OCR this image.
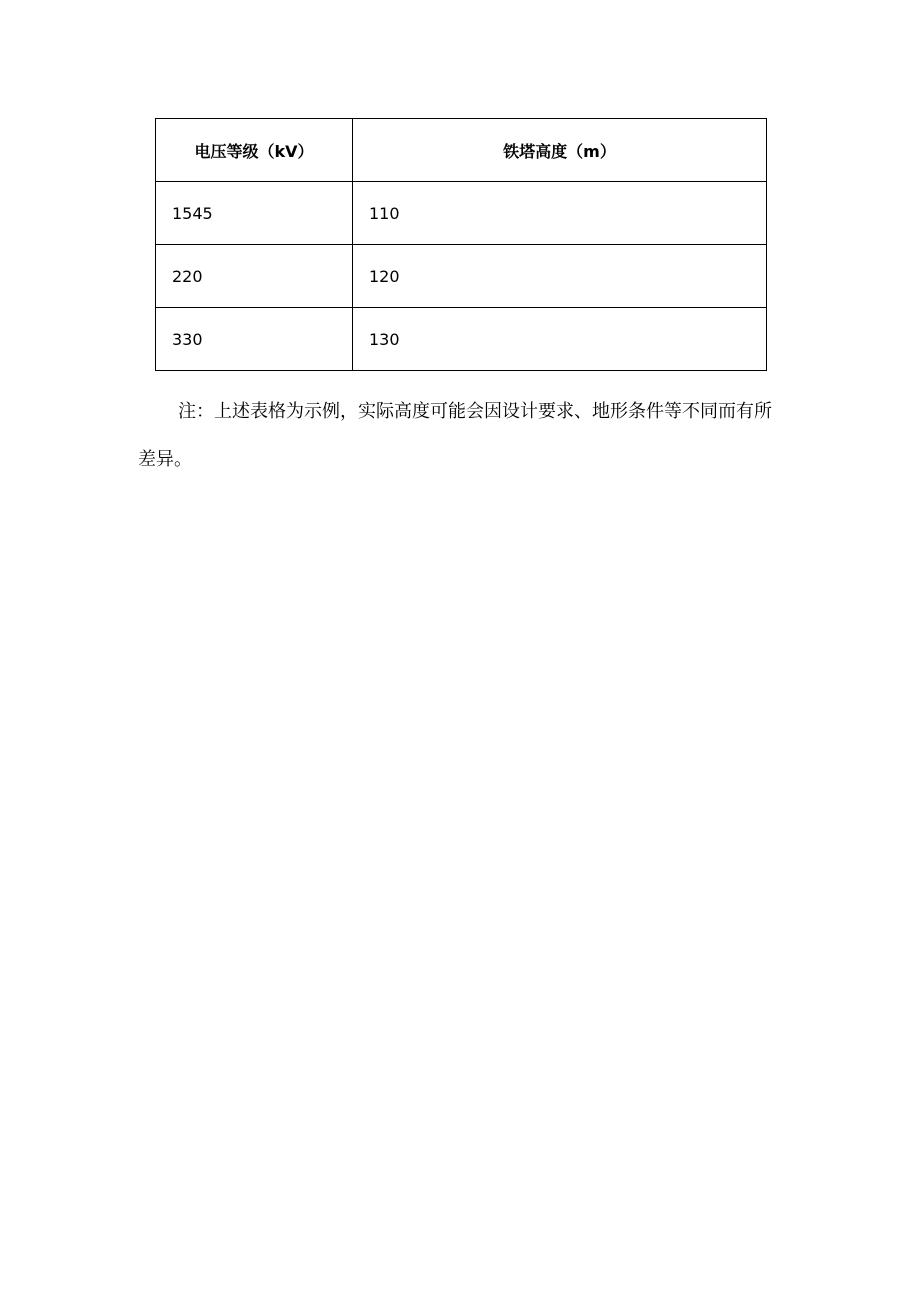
电压等级（kV）	铁塔高度（m）
1545	110
220	120
330	130

注：上述表格为示例，实际高度可能会因设计要求、地形条件等不同而有所差异。
